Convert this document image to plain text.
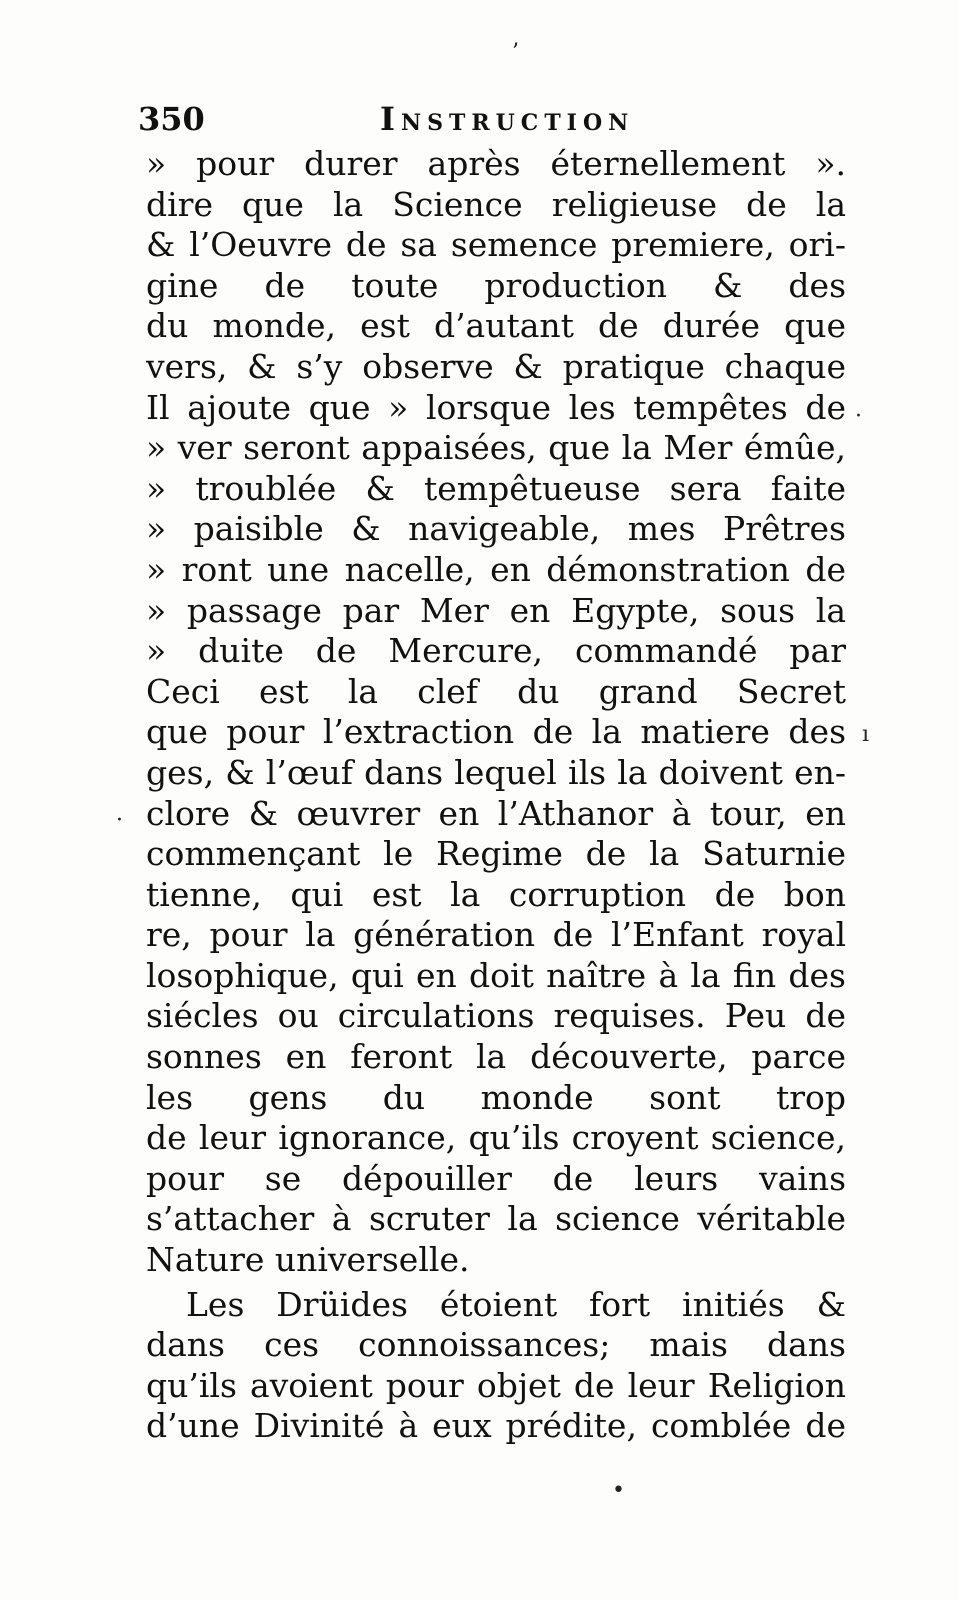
350	Instruction
» pour durer après éternellement ».
dire que la Science religieuse de la
& l’Oeuvre de sa semence premiere, ori-
gine de toute production & des
du monde, est d’autant de durée que
vers, & s’y observe & pratique chaque
Il ajoute que » lorsque les tempêtes de
» ver seront appaisées, que la Mer émûe,
» troublée & tempêtueuse sera faite
» paisible & navigeable, mes Prêtres
» ront une nacelle, en démonstration de
» passage par Mer en Egypte, sous la
» duite de Mercure, commandé par
Ceci est la clef du grand Secret
que pour l’extraction de la matiere des
ges, & l’œuf dans lequel ils la doivent en-
clore & œuvrer en l’Athanor à tour, en
commençant le Regime de la Saturnie
tienne, qui est la corruption de bon
re, pour la génération de l’Enfant royal
losophique, qui en doit naître à la fin des
siécles ou circulations requises. Peu de
sonnes en feront la découverte, parce
les gens du monde sont trop
de leur ignorance, qu’ils croyent science,
pour se dépouiller de leurs vains
s’attacher à scruter la science véritable
Nature universelle.
Les Drüides étoient fort initiés &
dans ces connoissances; mais dans
qu’ils avoient pour objet de leur Religion
d’une Divinité à eux prédite, comblée de
’
·
ı
·
•
